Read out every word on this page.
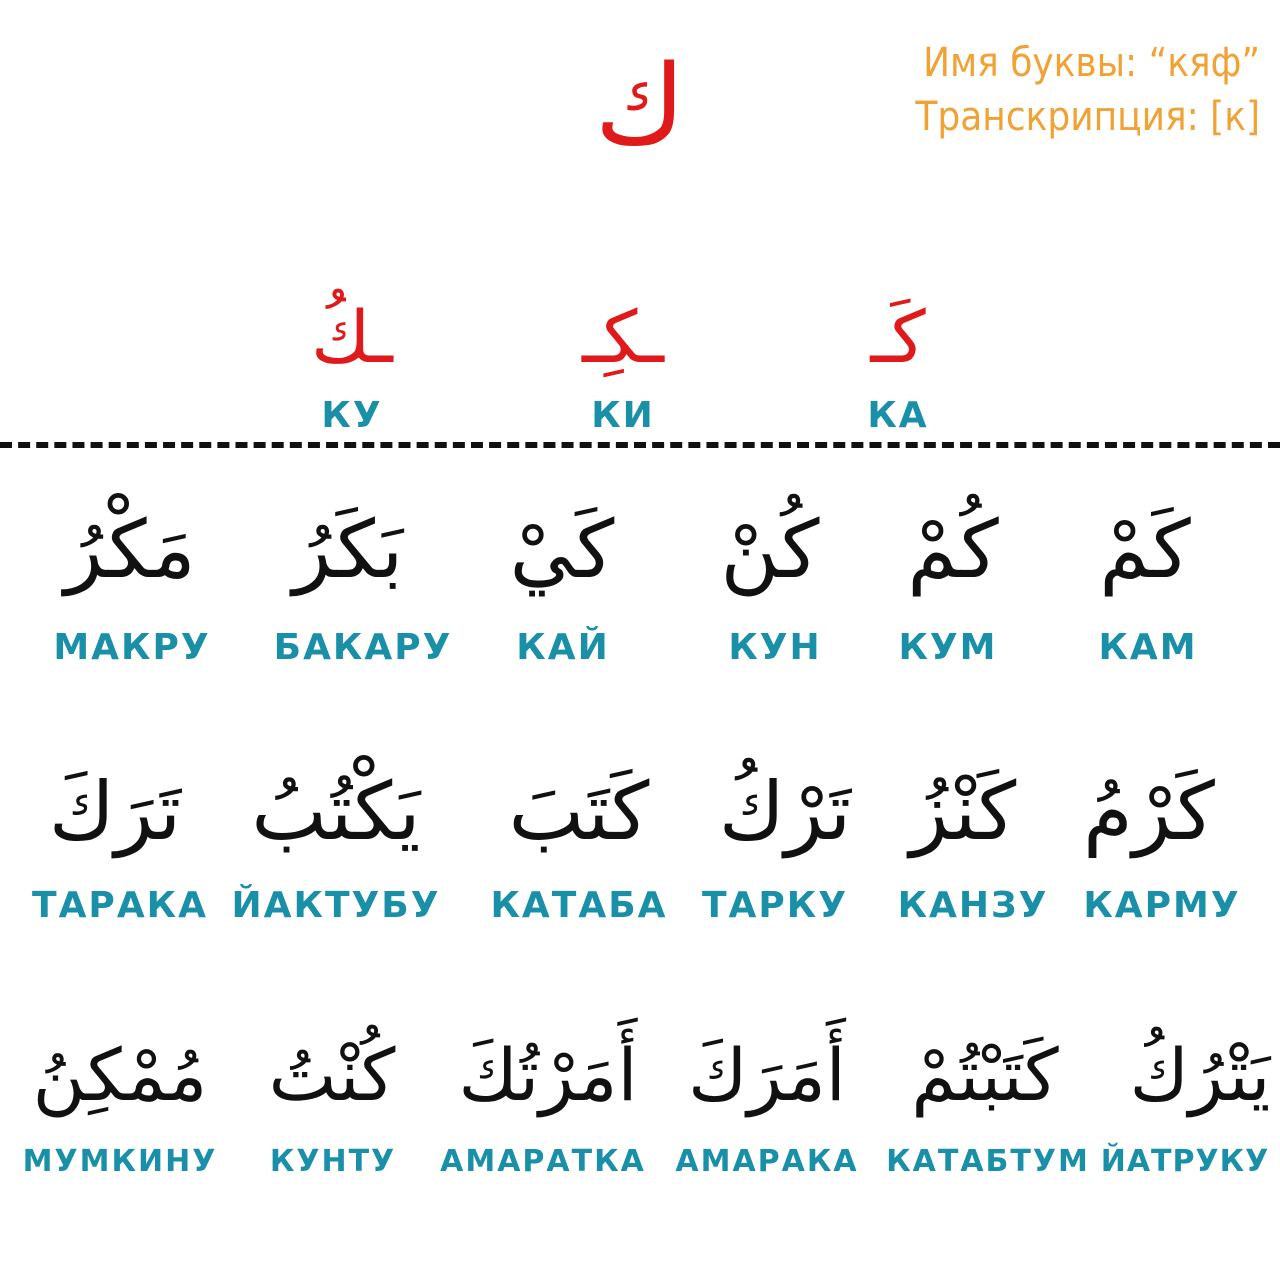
ك	Имя буквы: “кяф”
Транскрипция: [к]
كَـ
КА
ـكِـ
КИ
ـكُ
КУ
كَمْ
КАМ
كُمْ
КУМ
كُنْ
КУН
كَيْ
КАЙ
بَكَرُ
БАКАРУ
مَكْرُ
МАКРУ
كَرْمُ
КАРМУ
كَنْزُ
КАНЗУ
تَرْكُ
ТАРКУ
كَتَبَ
КАТАБА
يَكْتُبُ
ЙАКТУБУ
تَرَكَ
ТАРАКА
يَتْرُكُ
ЙАТРУКУ
كَتَبْتُمْ
КАТАБТУМ
أَمَرَكَ
АМАРАКА
أَمَرْتُكَ
АМАРАТКА
كُنْتُ
КУНТУ
مُمْكِنُ
МУМКИНУ
